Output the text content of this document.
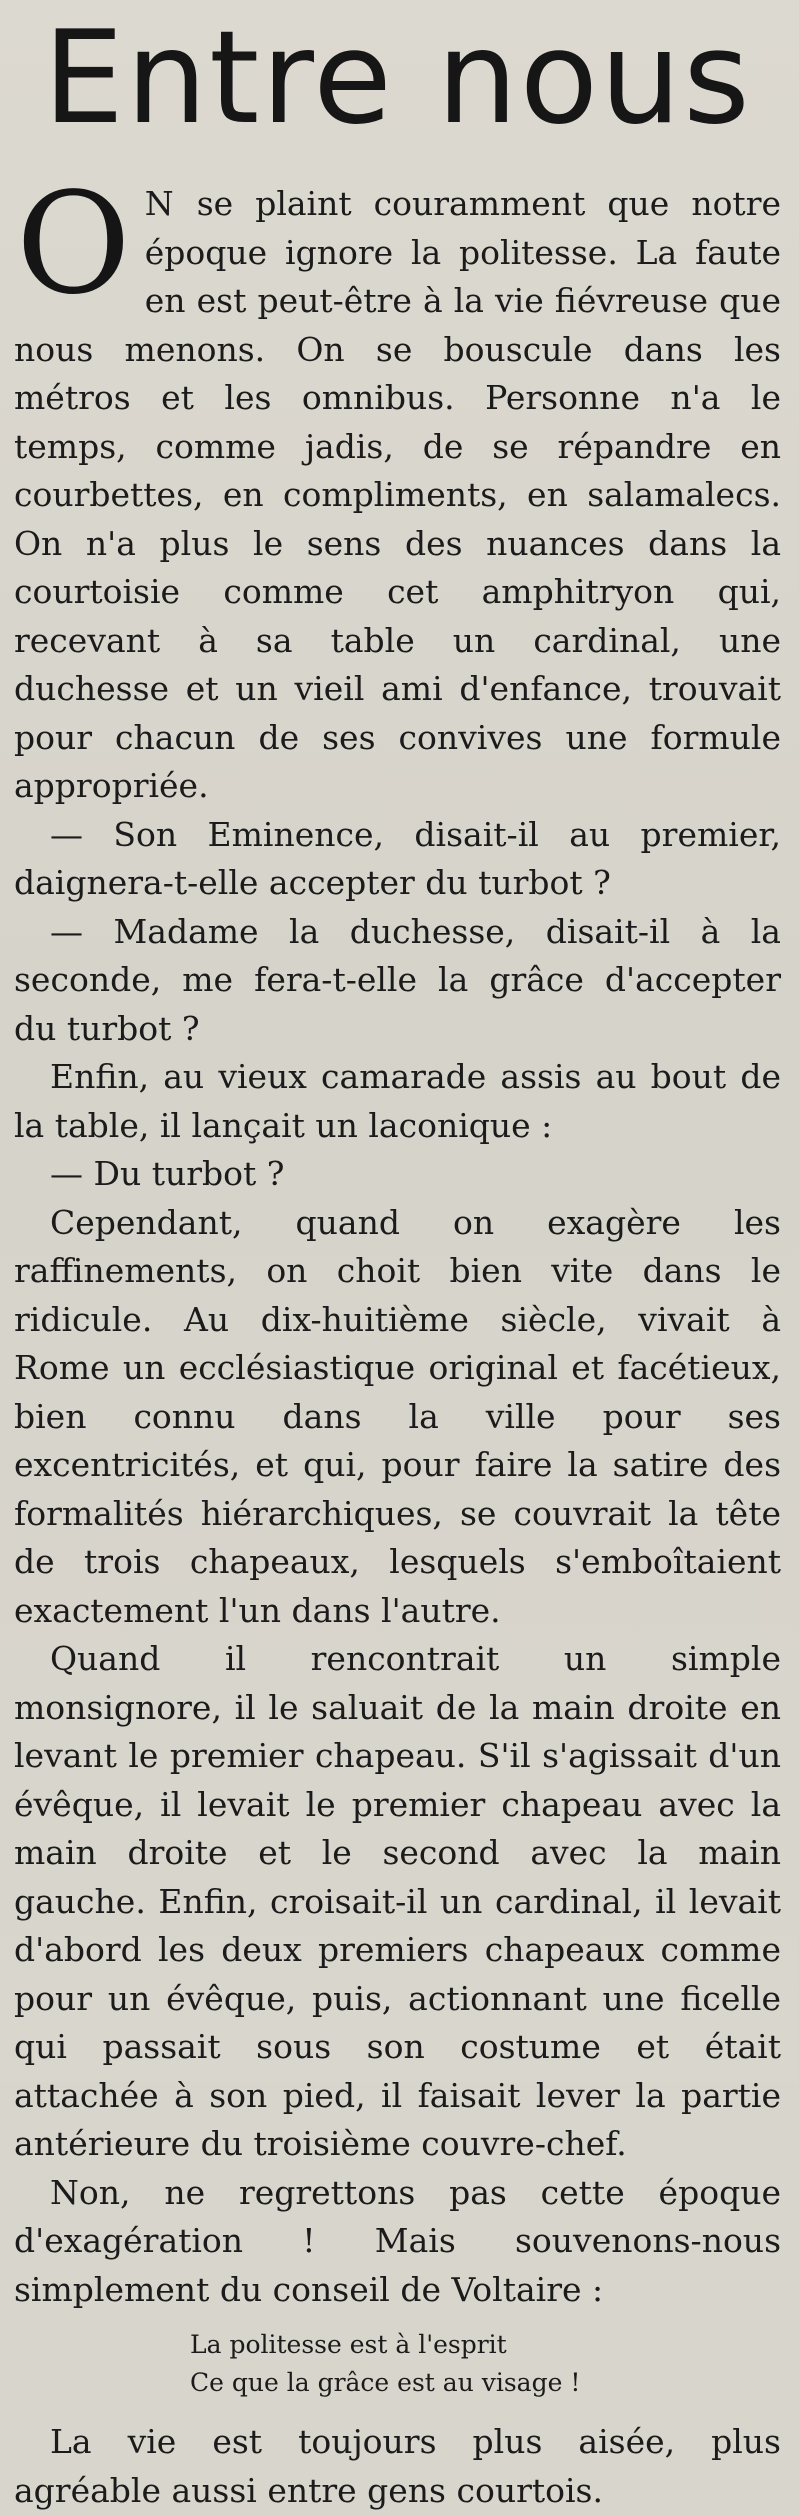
Entre nous

O N se plaint couramment que notre époque ignore la politesse. La faute en est peut-être à la vie fiévreuse que nous menons. On se bouscule dans les métros et les omnibus. Personne n'a le temps, comme jadis, de se répandre en courbettes, en compliments, en salamalecs. On n'a plus le sens des nuances dans la courtoisie comme cet amphitryon qui, recevant à sa table un cardinal, une duchesse et un vieil ami d'enfance, trouvait pour chacun de ses convives une formule appropriée.

— Son Eminence, disait-il au premier, daignera-t-elle accepter du turbot ?

— Madame la duchesse, disait-il à la seconde, me fera-t-elle la grâce d'accepter du turbot ?

Enfin, au vieux camarade assis au bout de la table, il lançait un laconique :

— Du turbot ?

Cependant, quand on exagère les raffinements, on choit bien vite dans le ridicule. Au dix-huitième siècle, vivait à Rome un ecclésiastique original et facétieux, bien connu dans la ville pour ses excentricités, et qui, pour faire la satire des formalités hiérarchiques, se couvrait la tête de trois chapeaux, lesquels s'emboîtaient exactement l'un dans l'autre.

Quand il rencontrait un simple monsignore, il le saluait de la main droite en levant le premier chapeau. S'il s'agissait d'un évêque, il levait le premier chapeau avec la main droite et le second avec la main gauche. Enfin, croisait-il un cardinal, il levait d'abord les deux premiers chapeaux comme pour un évêque, puis, actionnant une ficelle qui passait sous son costume et était attachée à son pied, il faisait lever la partie antérieure du troisième couvre-chef.

Non, ne regrettons pas cette époque d'exagération ! Mais souvenons-nous simplement du conseil de Voltaire :

La politesse est à l'esprit
Ce que la grâce est au visage !

La vie est toujours plus aisée, plus agréable aussi entre gens courtois.
